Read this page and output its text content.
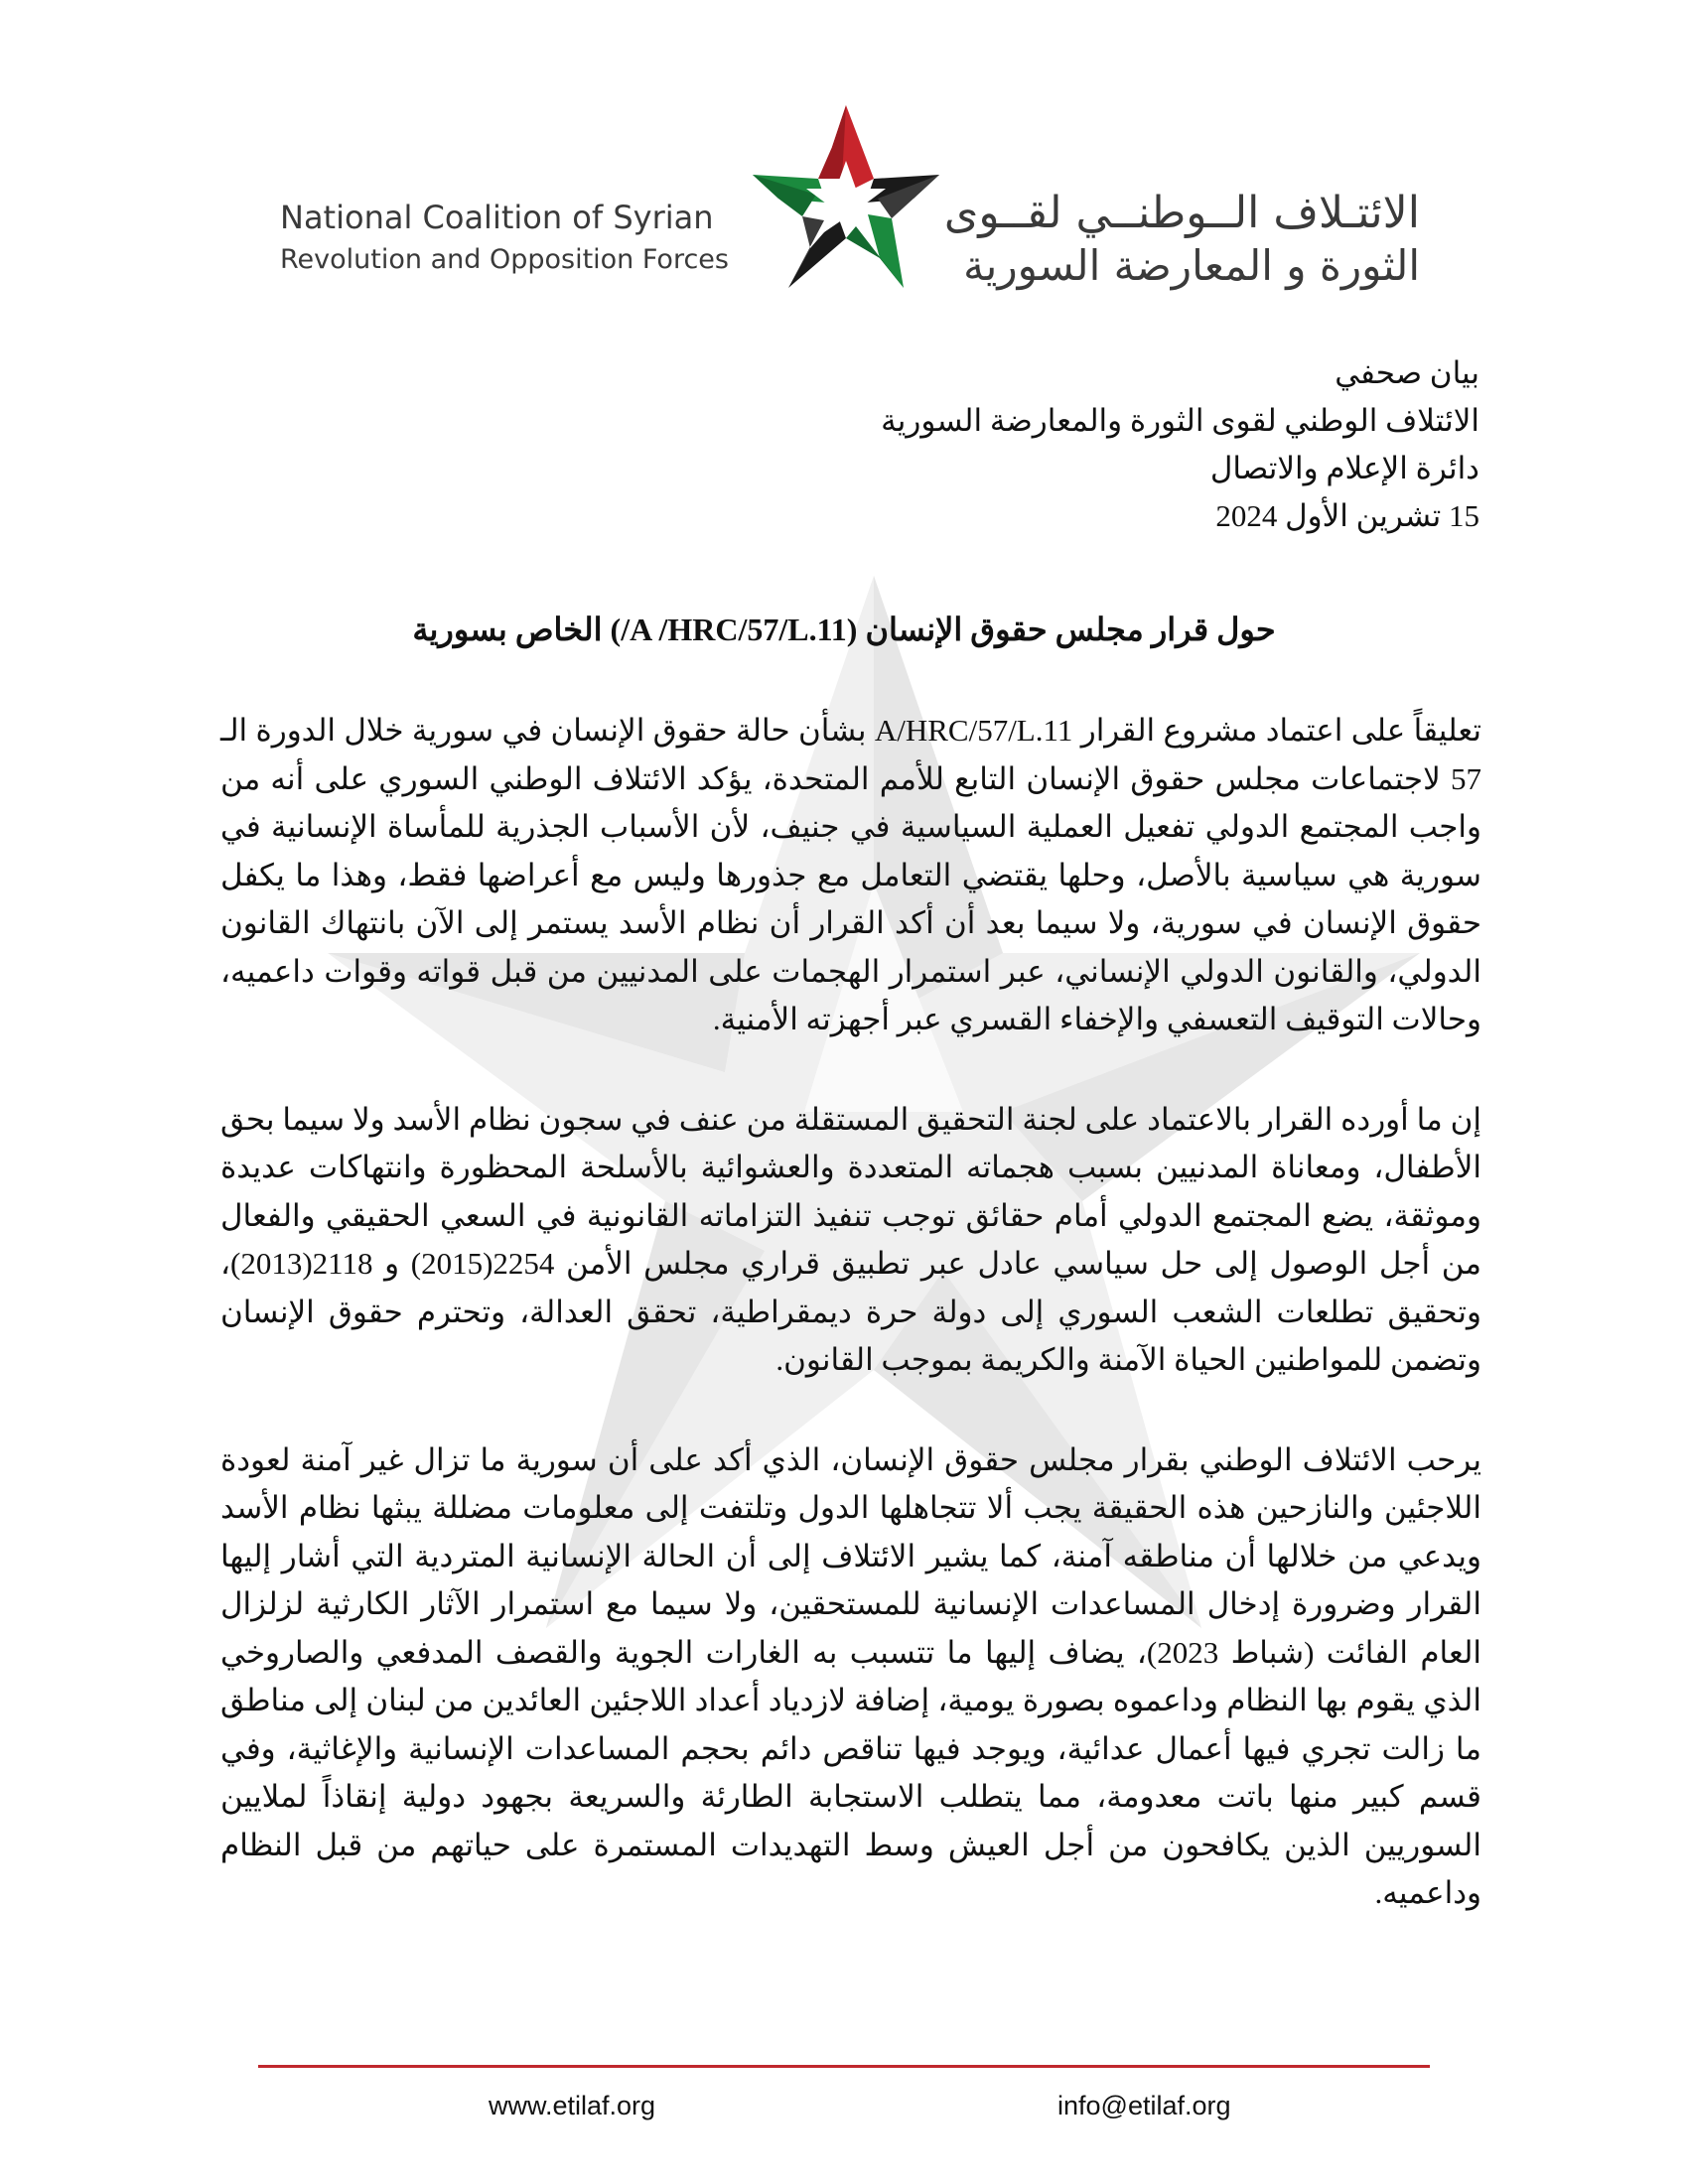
National Coalition of Syrian
Revolution and Opposition Forces
الائتـلاف الــوطنــي لقــوى
الثورة و المعارضة السورية
بيان صحفي
الائتلاف الوطني لقوى الثورة والمعارضة السورية
دائرة الإعلام والاتصال
15 تشرين الأول 2024
حول قرار مجلس حقوق الإنسان (A /HRC/57/L.11/) الخاص بسورية

تعليقاً على اعتماد مشروع القرار A/HRC/57/L.11 بشأن حالة حقوق الإنسان في سورية خلال الدورة الـ 57 لاجتماعات مجلس حقوق الإنسان التابع للأمم المتحدة، يؤكد الائتلاف الوطني السوري على أنه من واجب المجتمع الدولي تفعيل العملية السياسية في جنيف، لأن الأسباب الجذرية للمأساة الإنسانية في سورية هي سياسية بالأصل، وحلها يقتضي التعامل مع جذورها وليس مع أعراضها فقط، وهذا ما يكفل حقوق الإنسان في سورية، ولا سيما بعد أن أكد القرار أن نظام الأسد يستمر إلى الآن بانتهاك القانون الدولي، والقانون الدولي الإنساني، عبر استمرار الهجمات على المدنيين من قبل قواته وقوات داعميه، وحالات التوقيف التعسفي والإخفاء القسري عبر أجهزته الأمنية.

إن ما أورده القرار بالاعتماد على لجنة التحقيق المستقلة من عنف في سجون نظام الأسد ولا سيما بحق الأطفال، ومعاناة المدنيين بسبب هجماته المتعددة والعشوائية بالأسلحة المحظورة وانتهاكات عديدة وموثقة، يضع المجتمع الدولي أمام حقائق توجب تنفيذ التزاماته القانونية في السعي الحقيقي والفعال من أجل الوصول إلى حل سياسي عادل عبر تطبيق قراري مجلس الأمن 2254(2015) و 2118(2013)، وتحقيق تطلعات الشعب السوري إلى دولة حرة ديمقراطية، تحقق العدالة، وتحترم حقوق الإنسان وتضمن للمواطنين الحياة الآمنة والكريمة بموجب القانون.

يرحب الائتلاف الوطني بقرار مجلس حقوق الإنسان، الذي أكد على أن سورية ما تزال غير آمنة لعودة اللاجئين والنازحين هذه الحقيقة يجب ألا تتجاهلها الدول وتلتفت إلى معلومات مضللة يبثها نظام الأسد ويدعي من خلالها أن مناطقه آمنة، كما يشير الائتلاف إلى أن الحالة الإنسانية المتردية التي أشار إليها القرار وضرورة إدخال المساعدات الإنسانية للمستحقين، ولا سيما مع استمرار الآثار الكارثية لزلزال العام الفائت (شباط 2023)، يضاف إليها ما تتسبب به الغارات الجوية والقصف المدفعي والصاروخي الذي يقوم بها النظام وداعموه بصورة يومية، إضافة لازدياد أعداد اللاجئين العائدين من لبنان إلى مناطق ما زالت تجري فيها أعمال عدائية، ويوجد فيها تناقص دائم بحجم المساعدات الإنسانية والإغاثية، وفي قسم كبير منها باتت معدومة، مما يتطلب الاستجابة الطارئة والسريعة بجهود دولية إنقاذاً لملايين السوريين الذين يكافحون من أجل العيش وسط التهديدات المستمرة على حياتهم من قبل النظام وداعميه.

www.etilaf.org	info@etilaf.org
